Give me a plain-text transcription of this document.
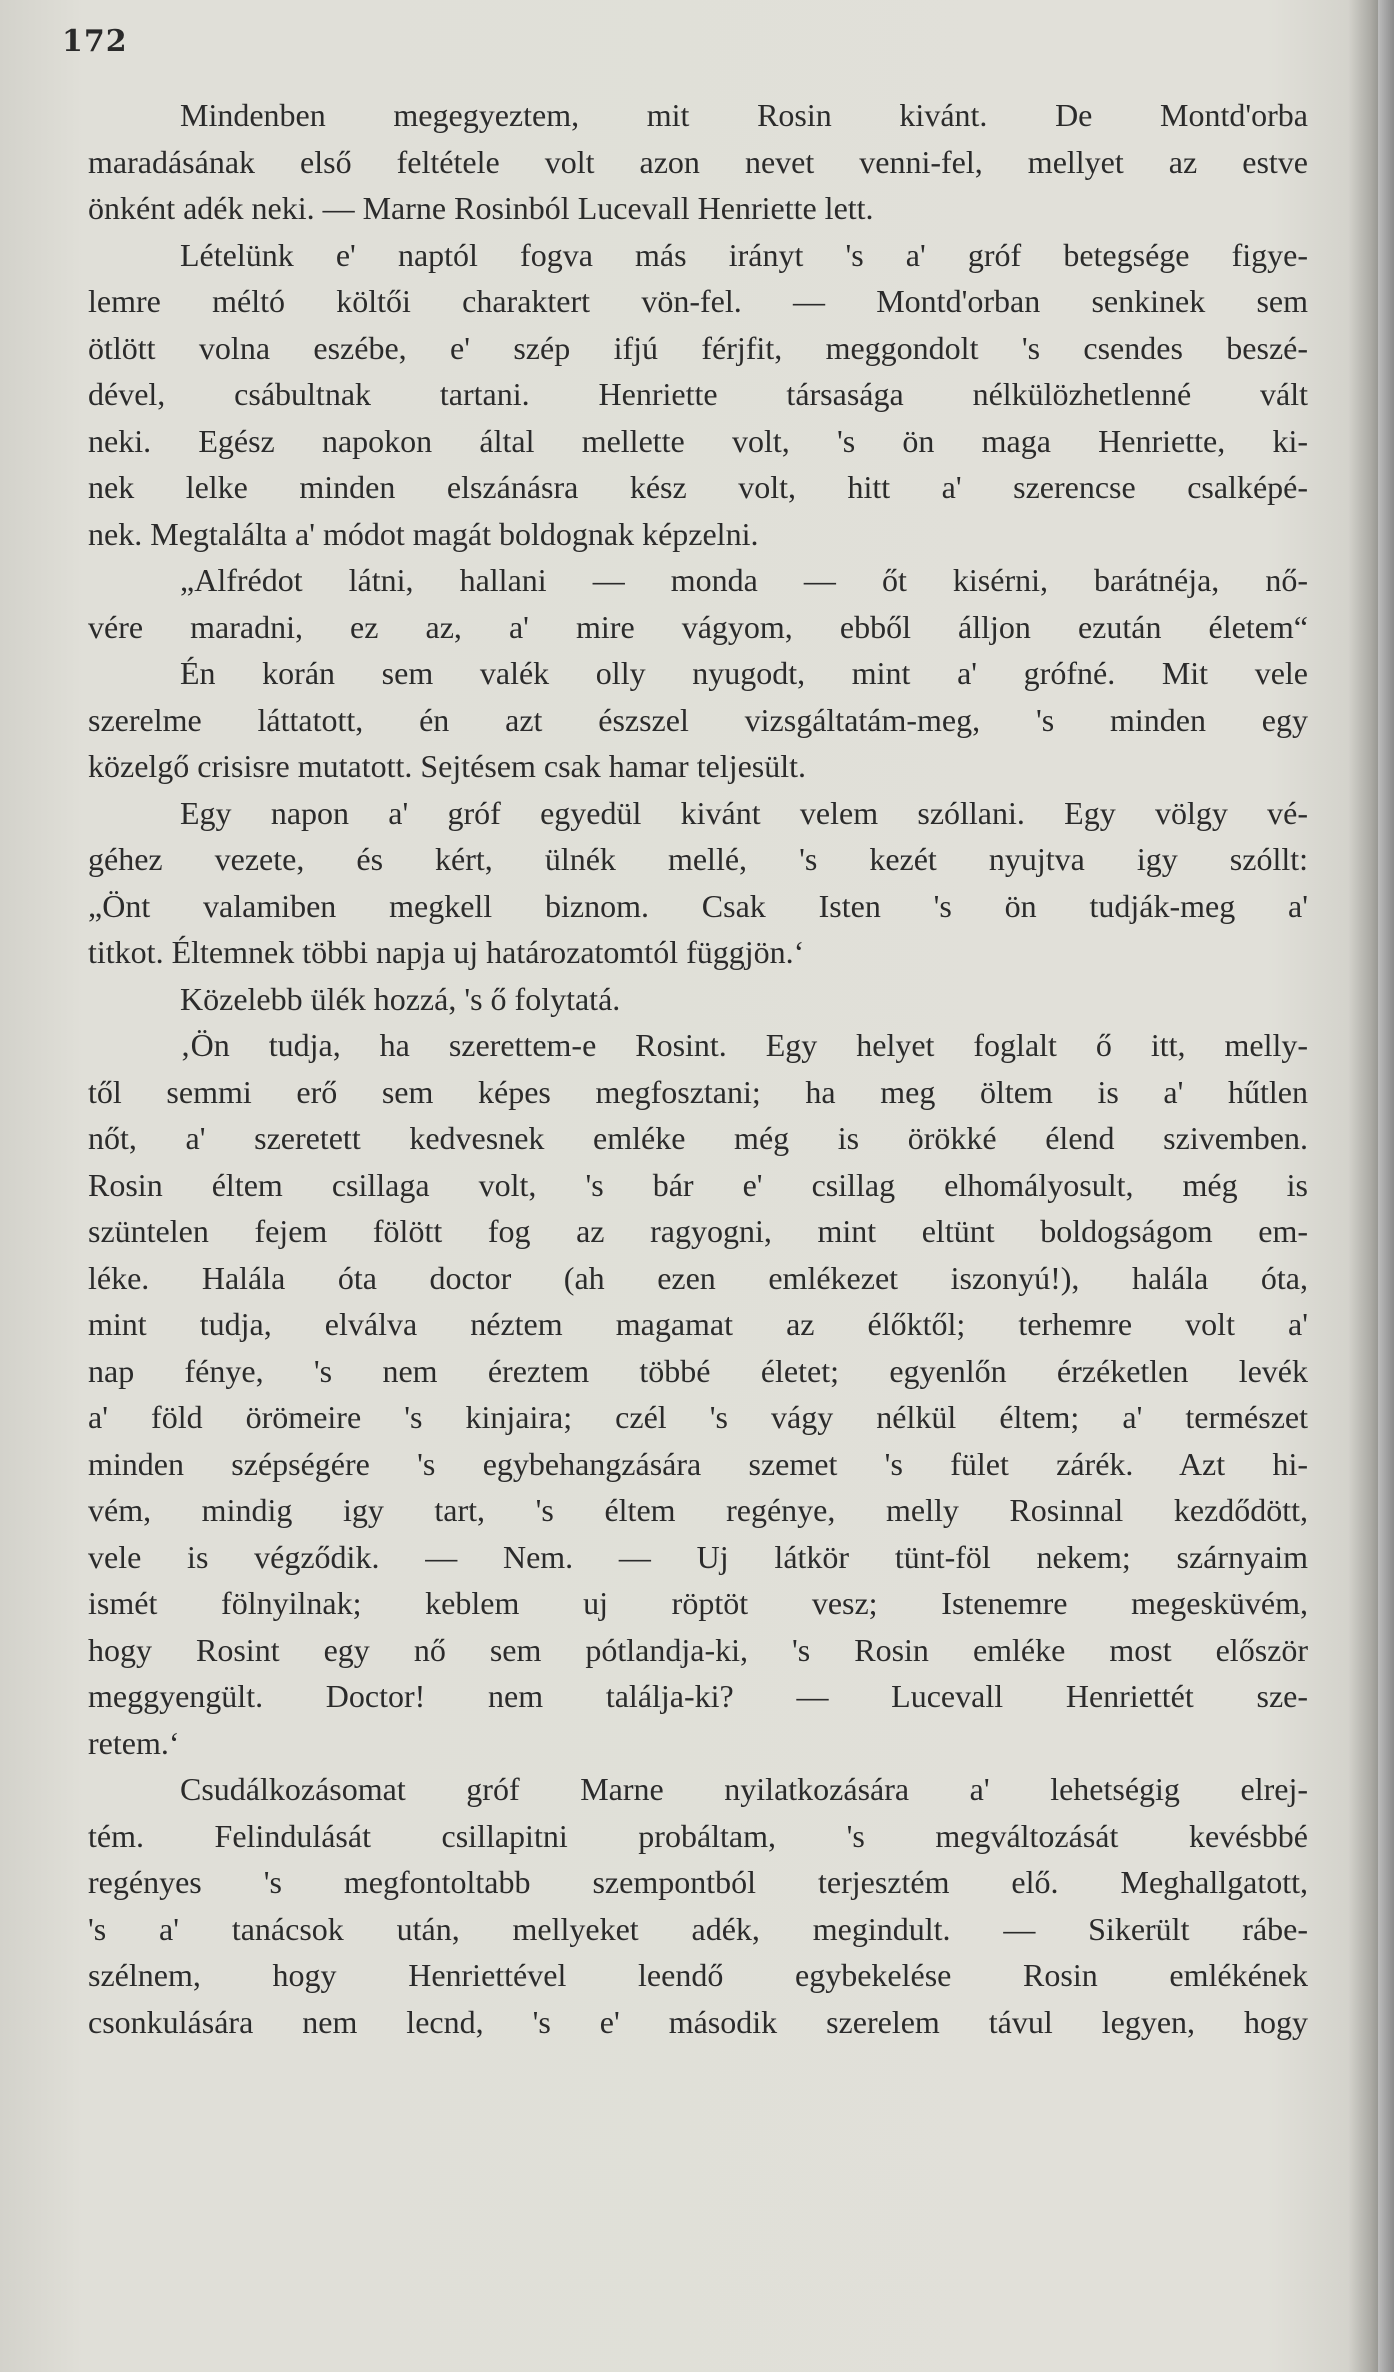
172
Mindenben megegyeztem, mit Rosin kivánt. De Montd'orba
maradásának első feltétele volt azon nevet venni-fel, mellyet az estve
önként adék neki. — Marne Rosinból Lucevall Henriette lett.
Lételünk e' naptól fogva más irányt 's a' gróf betegsége figye-
lemre méltó költői charaktert vön-fel. — Montd'orban senkinek sem
ötlött volna eszébe, e' szép ifjú férjfit, meggondolt 's csendes beszé-
dével, csábultnak tartani. Henriette társasága nélkülözhetlenné vált
neki. Egész napokon által mellette volt, 's ön maga Henriette, ki-
nek lelke minden elszánásra kész volt, hitt a' szerencse csalképé-
nek. Megtalálta a' módot magát boldognak képzelni.
„Alfrédot látni, hallani — monda — őt kisérni, barátnéja, nő-
vére maradni, ez az, a' mire vágyom, ebből álljon ezután életem“
Én korán sem valék olly nyugodt, mint a' grófné. Mit vele
szerelme láttatott, én azt észszel vizsgáltatám-meg, 's minden egy
közelgő crisisre mutatott. Sejtésem csak hamar teljesült.
Egy napon a' gróf egyedül kivánt velem szóllani. Egy völgy vé-
géhez vezete, és kért, ülnék mellé, 's kezét nyujtva igy szóllt:
„Önt valamiben megkell biznom. Csak Isten 's ön tudják-meg a'
titkot. Éltemnek többi napja uj határozatomtól függjön.‘
Közelebb ülék hozzá, 's ő folytatá.
‚Ön tudja, ha szerettem-e Rosint. Egy helyet foglalt ő itt, melly-
től semmi erő sem képes megfosztani; ha meg öltem is a' hűtlen
nőt, a' szeretett kedvesnek emléke még is örökké élend szivemben.
Rosin éltem csillaga volt, 's bár e' csillag elhomályosult, még is
szüntelen fejem fölött fog az ragyogni, mint eltünt boldogságom em-
léke. Halála óta doctor (ah ezen emlékezet iszonyú!), halála óta,
mint tudja, elválva néztem magamat az élőktől; terhemre volt a'
nap fénye, 's nem éreztem többé életet; egyenlőn érzéketlen levék
a' föld örömeire 's kinjaira; czél 's vágy nélkül éltem; a' természet
minden szépségére 's egybehangzására szemet 's fület zárék. Azt hi-
vém, mindig igy tart, 's éltem regénye, melly Rosinnal kezdődött,
vele is végződik. — Nem. — Uj látkör tünt-föl nekem; szárnyaim
ismét fölnyilnak; keblem uj röptöt vesz; Istenemre megesküvém,
hogy Rosint egy nő sem pótlandja-ki, 's Rosin emléke most először
meggyengült. Doctor! nem találja-ki? — Lucevall Henriettét sze-
retem.‘
Csudálkozásomat gróf Marne nyilatkozására a' lehetségig elrej-
tém. Felindulását csillapitni probáltam, 's megváltozását kevésbbé
regényes 's megfontoltabb szempontból terjesztém elő. Meghallgatott,
's a' tanácsok után, mellyeket adék, megindult. — Sikerült rábe-
szélnem, hogy Henriettével leendő egybekelése Rosin emlékének
csonkulására nem lecnd, 's e' második szerelem távul legyen, hogy
